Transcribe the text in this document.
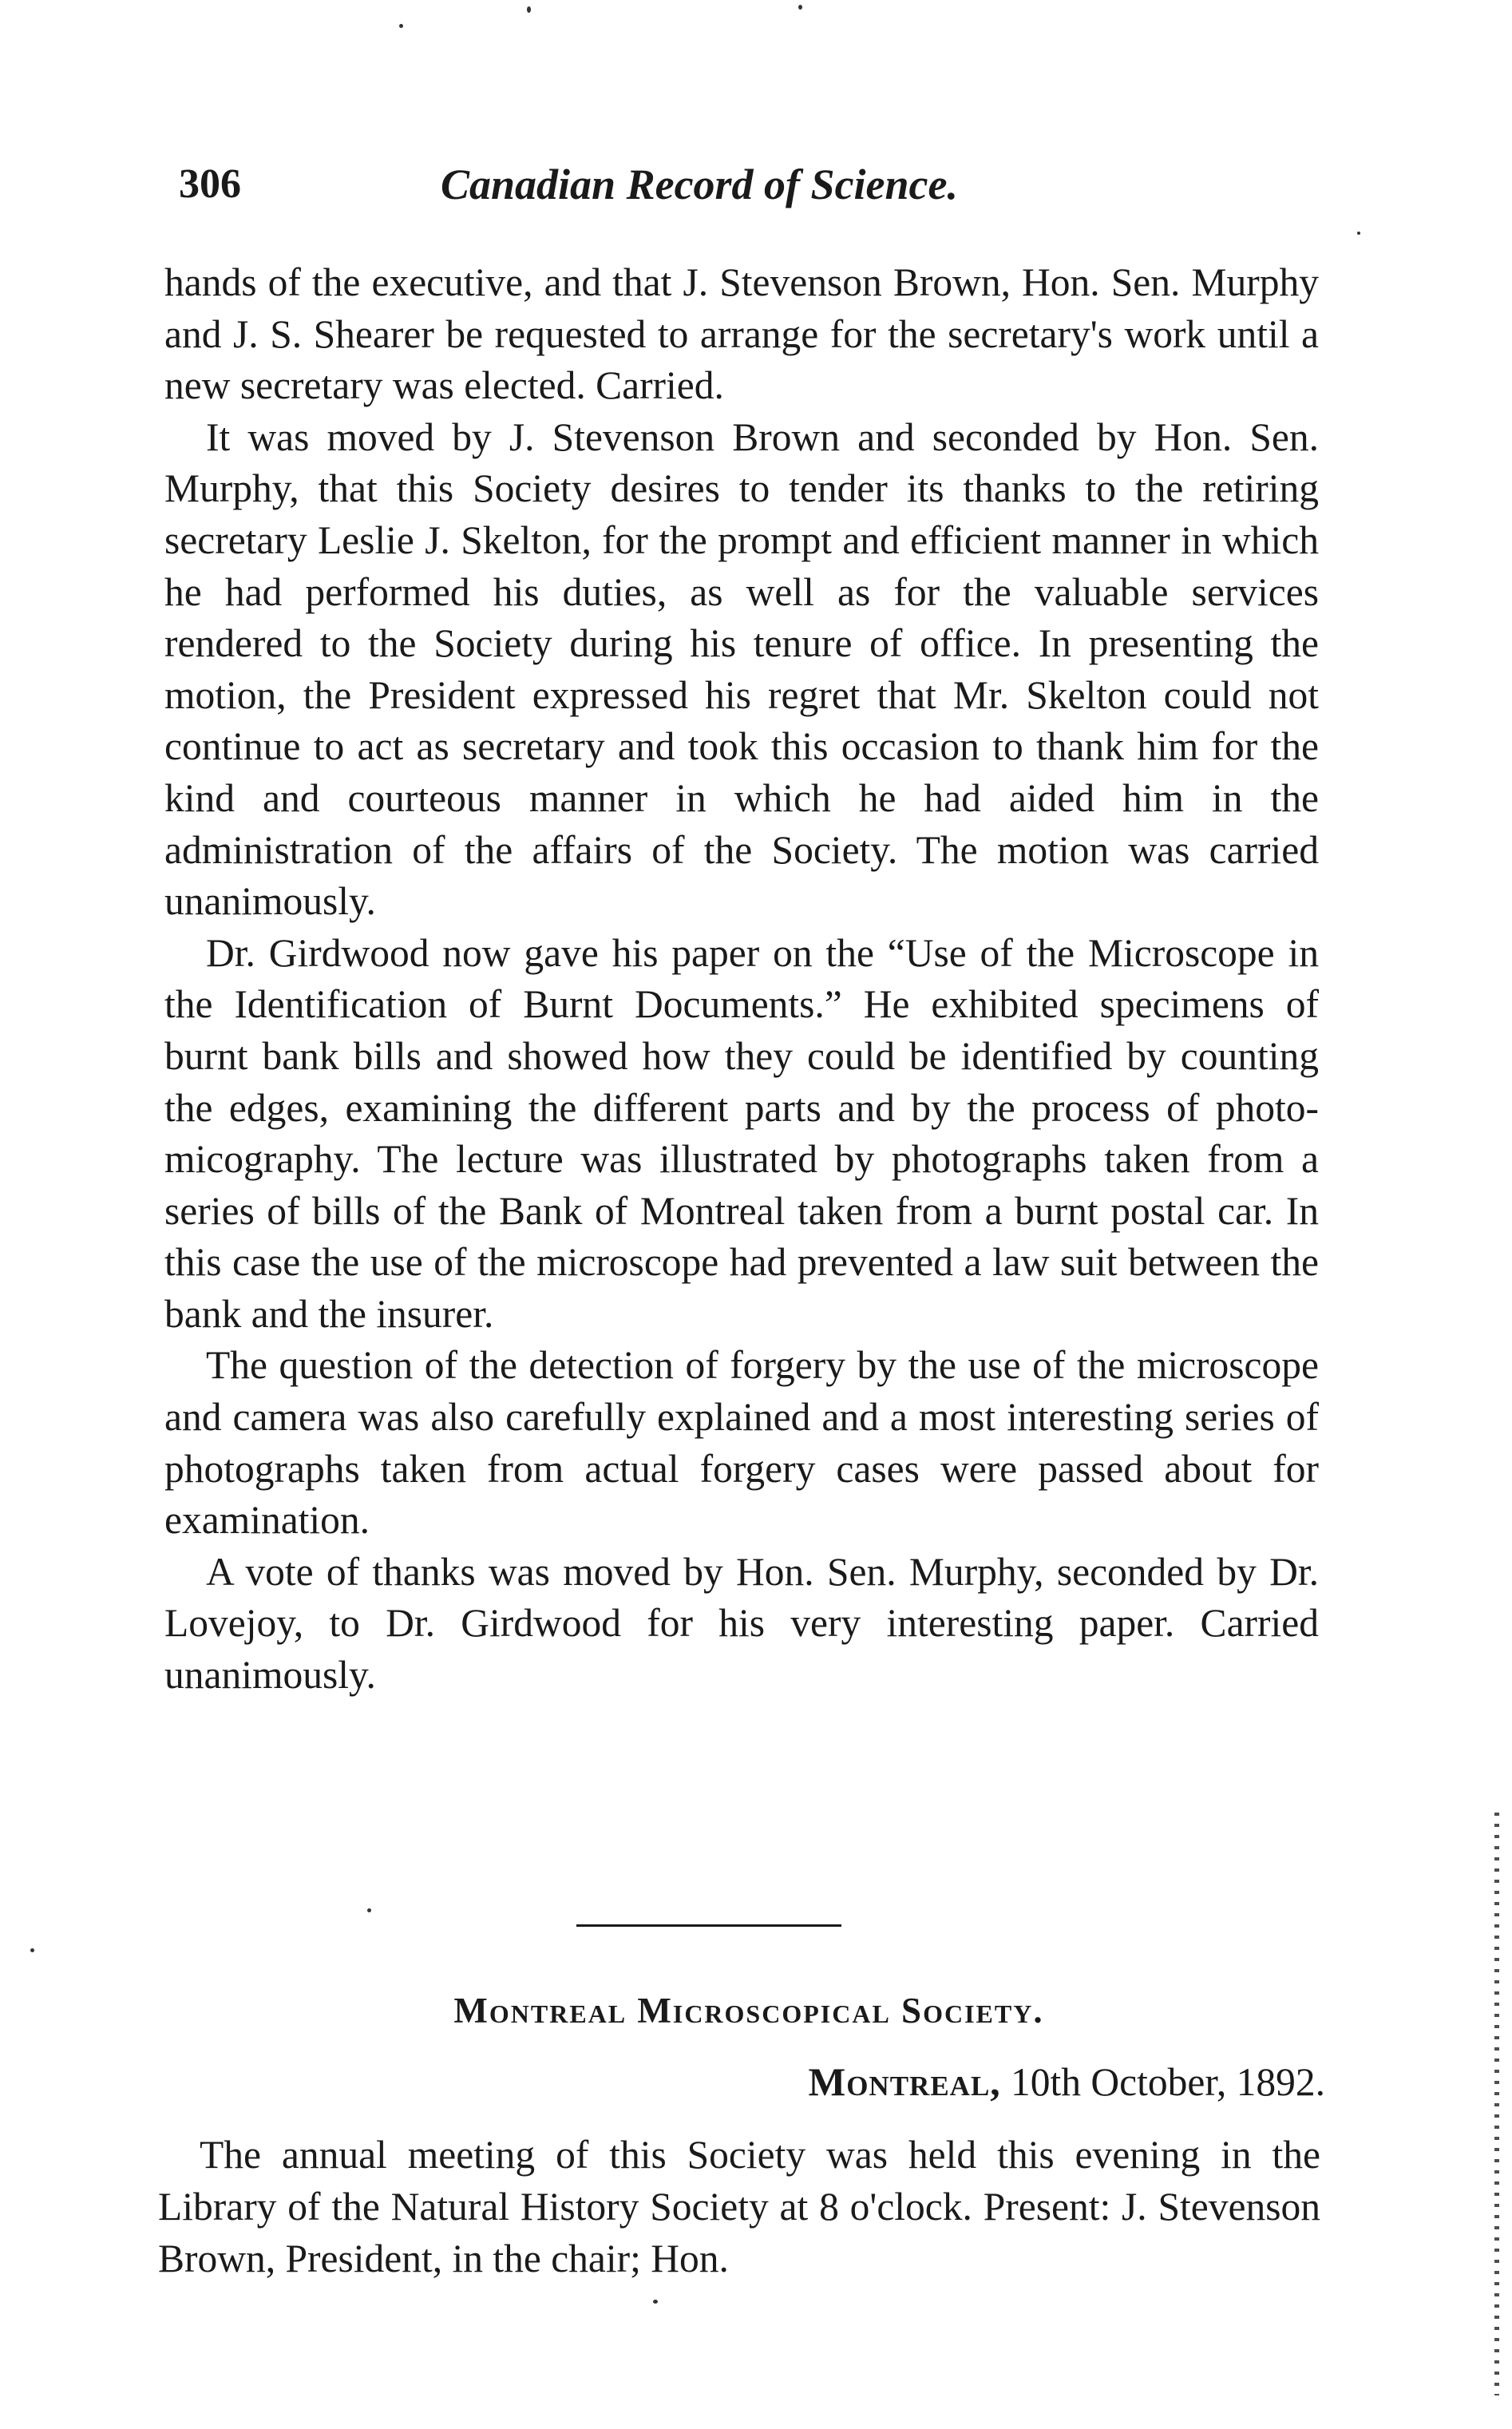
306	Canadian Record of Science.

hands of the executive, and that J. Stevenson Brown, Hon. Sen. Murphy and J. S. Shearer be requested to arrange for the secretary's work until a new secretary was elected. Carried.

It was moved by J. Stevenson Brown and seconded by Hon. Sen. Murphy, that this Society desires to tender its thanks to the retiring secretary Leslie J. Skelton, for the prompt and efficient manner in which he had performed his duties, as well as for the valuable services rendered to the Society during his tenure of office. In presenting the motion, the President expressed his regret that Mr. Skelton could not continue to act as secretary and took this occasion to thank him for the kind and courteous manner in which he had aided him in the administration of the affairs of the Society. The motion was carried unanimously.

Dr. Girdwood now gave his paper on the “Use of the Microscope in the Identification of Burnt Documents.” He exhibited specimens of burnt bank bills and showed how they could be identified by counting the edges, examining the different parts and by the process of photo-micography. The lecture was illustrated by photographs taken from a series of bills of the Bank of Montreal taken from a burnt postal car. In this case the use of the microscope had prevented a law suit between the bank and the insurer.

The question of the detection of forgery by the use of the microscope and camera was also carefully explained and a most interesting series of photographs taken from actual forgery cases were passed about for examination.

A vote of thanks was moved by Hon. Sen. Murphy, seconded by Dr. Lovejoy, to Dr. Girdwood for his very interesting paper. Carried unanimously.

Montreal Microscopical Society.
Montreal, 10th October, 1892.

The annual meeting of this Society was held this evening in the Library of the Natural History Society at 8 o'clock. Present: J. Stevenson Brown, President, in the chair; Hon.
